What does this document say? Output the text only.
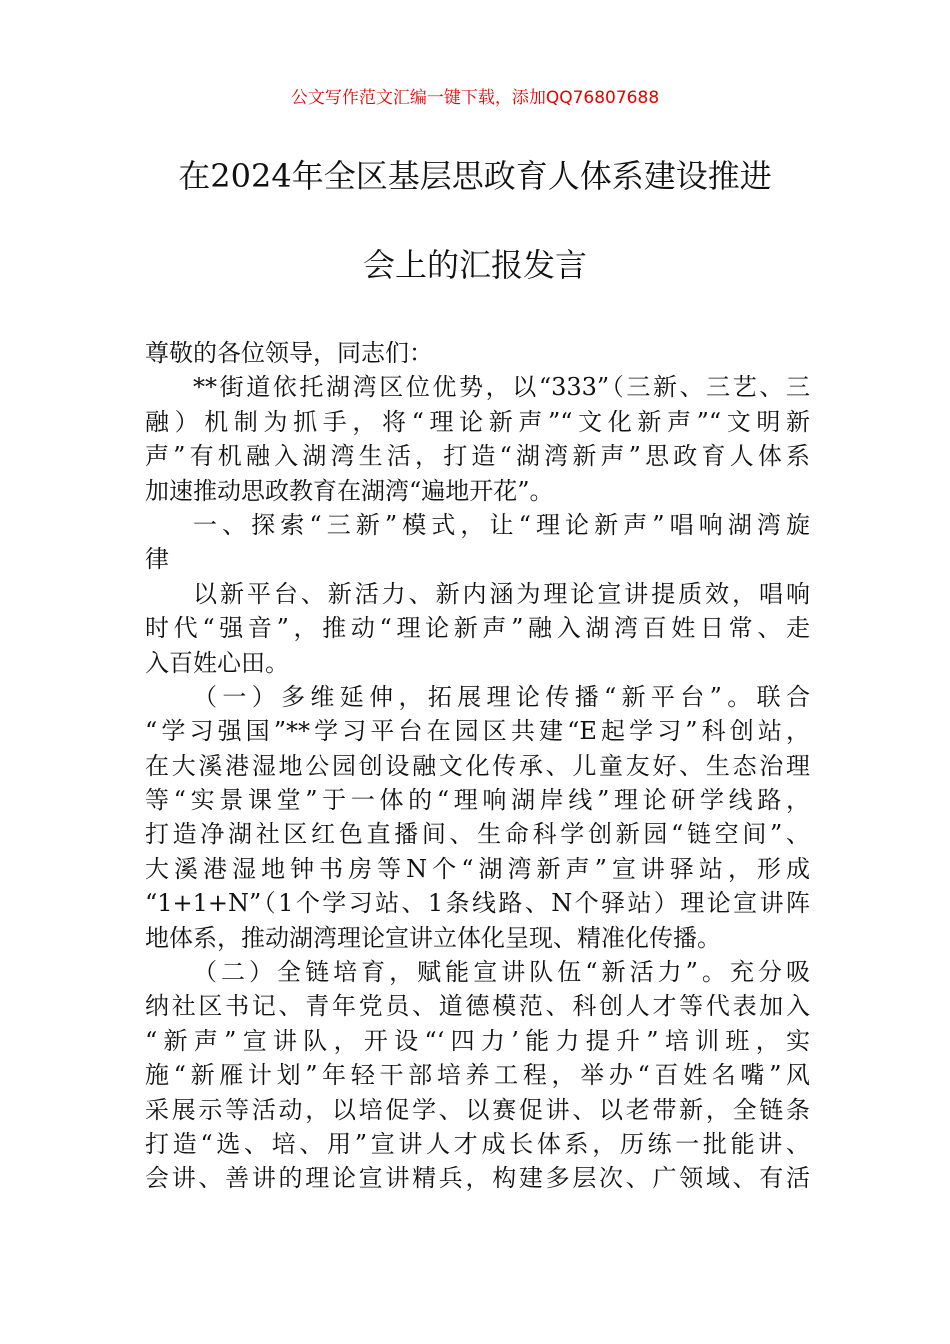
公文写作范文汇编一键下载，添加QQ76807688
在2024年全区基层思政育人体系建设推进
会上的汇报发言
尊敬的各位领导，同志们：
**街道依托湖湾区位优势，以“333”（三新、三艺、三
融）机制为抓手，将“理论新声”“文化新声”“文明新
声”有机融入湖湾生活，打造“湖湾新声”思政育人体系
加速推动思政教育在湖湾“遍地开花”。
一、探索“三新”模式，让“理论新声”唱响湖湾旋
律
以新平台、新活力、新内涵为理论宣讲提质效，唱响
时代“强音”，推动“理论新声”融入湖湾百姓日常、走
入百姓心田。
（一）多维延伸，拓展理论传播“新平台”。联合
“学习强国”**学习平台在园区共建“E起学习”科创站，
在大溪港湿地公园创设融文化传承、儿童友好、生态治理
等“实景课堂”于一体的“理响湖岸线”理论研学线路，
打造净湖社区红色直播间、生命科学创新园“链空间”、
大溪港湿地钟书房等N个“湖湾新声”宣讲驿站，形成
“1+1+N”（1个学习站、1条线路、N个驿站）理论宣讲阵
地体系，推动湖湾理论宣讲立体化呈现、精准化传播。
（二）全链培育，赋能宣讲队伍“新活力”。充分吸
纳社区书记、青年党员、道德模范、科创人才等代表加入
“新声”宣讲队，开设“‘四力’能力提升”培训班，实
施“新雁计划”年轻干部培养工程，举办“百姓名嘴”风
采展示等活动，以培促学、以赛促讲、以老带新，全链条
打造“选、培、用”宣讲人才成长体系，历练一批能讲、
会讲、善讲的理论宣讲精兵，构建多层次、广领域、有活
